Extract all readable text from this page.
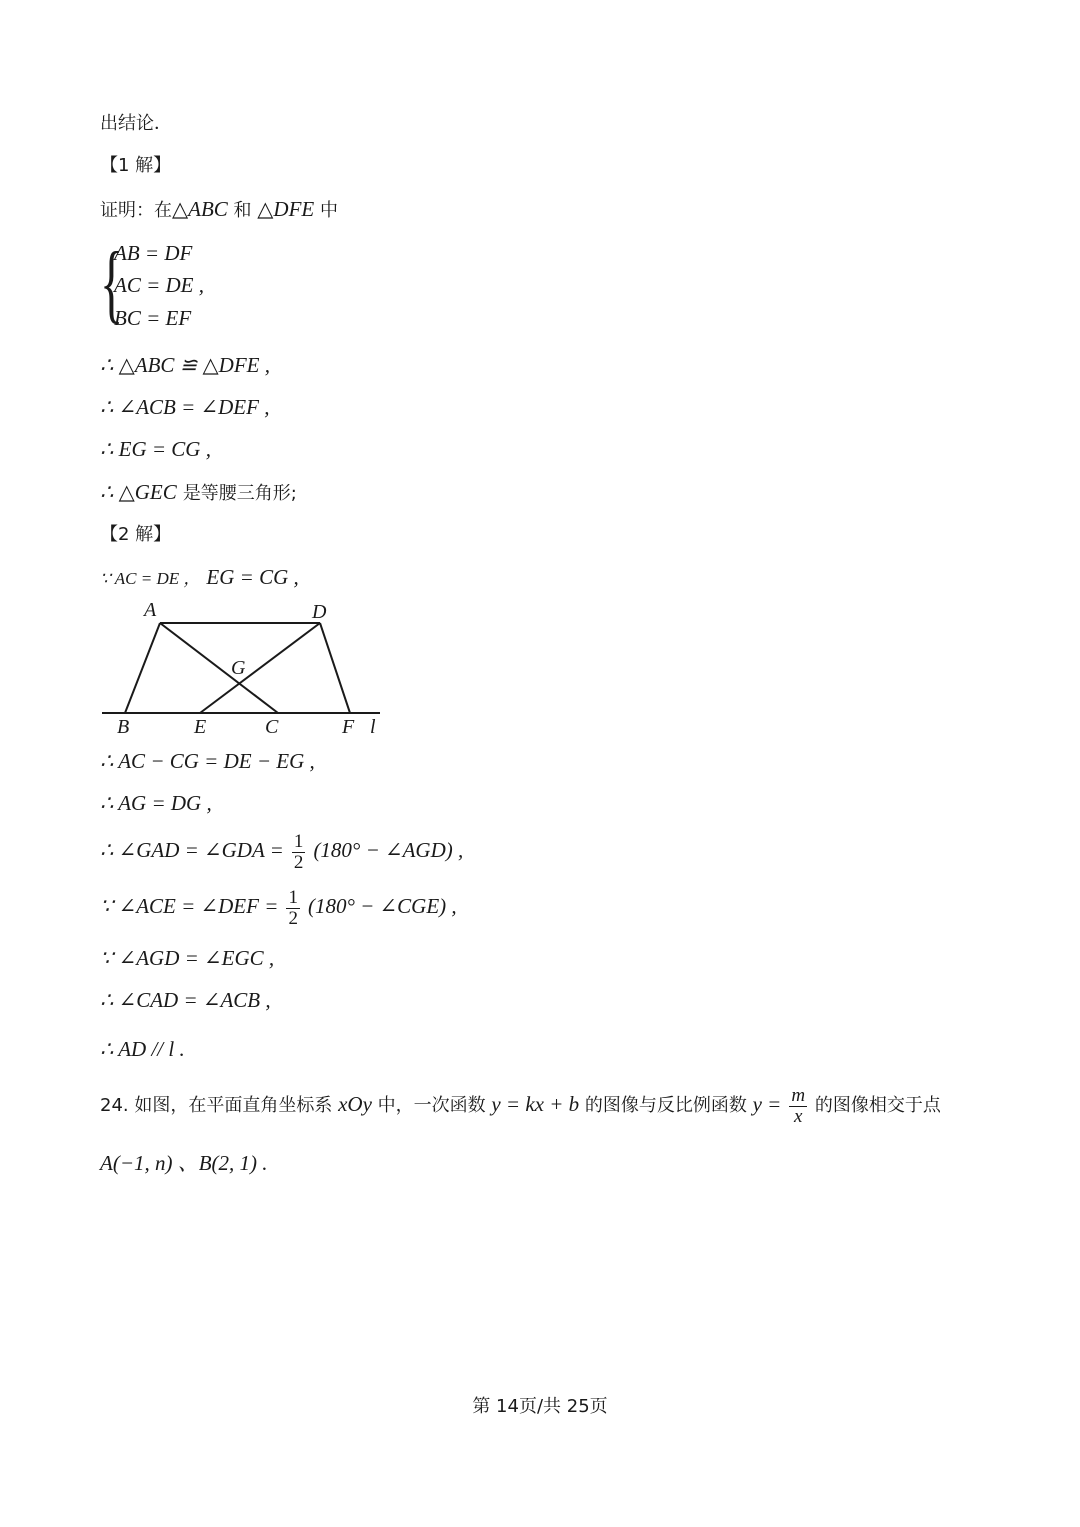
出结论．
【1 解】
证明：在△ABC 和 △DFE 中
{
AB = DF
AC = DE ,
BC = EF
∴ △ABC ≌ △DFE ,
∴ ∠ACB = ∠DEF ,
∴ EG = CG ,
∴ △GEC 是等腰三角形;
【2 解】
∵ AC = DE ， EG = CG ,
A	D
G
B	E	C	F l
∴ AC − CG = DE − EG ,
∴ AG = DG ,
∴ ∠GAD = ∠GDA = $\frac{1}{2} (180^\circ$ − ∠AGD) ,
∵ ∠ACE = ∠DEF = $\frac{1}{2} (180^\circ$ − ∠CGE) ,
∵ ∠AGD = ∠EGC ,
∴ ∠CAD = ∠ACB ,
∴ AD // l .
24. 如图，在平面直角坐标系 xOy 中，一次函数 y = kx + b 的图像与反比例函数 $y = \frac{m}{x}$ 的图像相交于点
A(−1, n) 、B(2, 1) .
第 14页/共 25页
